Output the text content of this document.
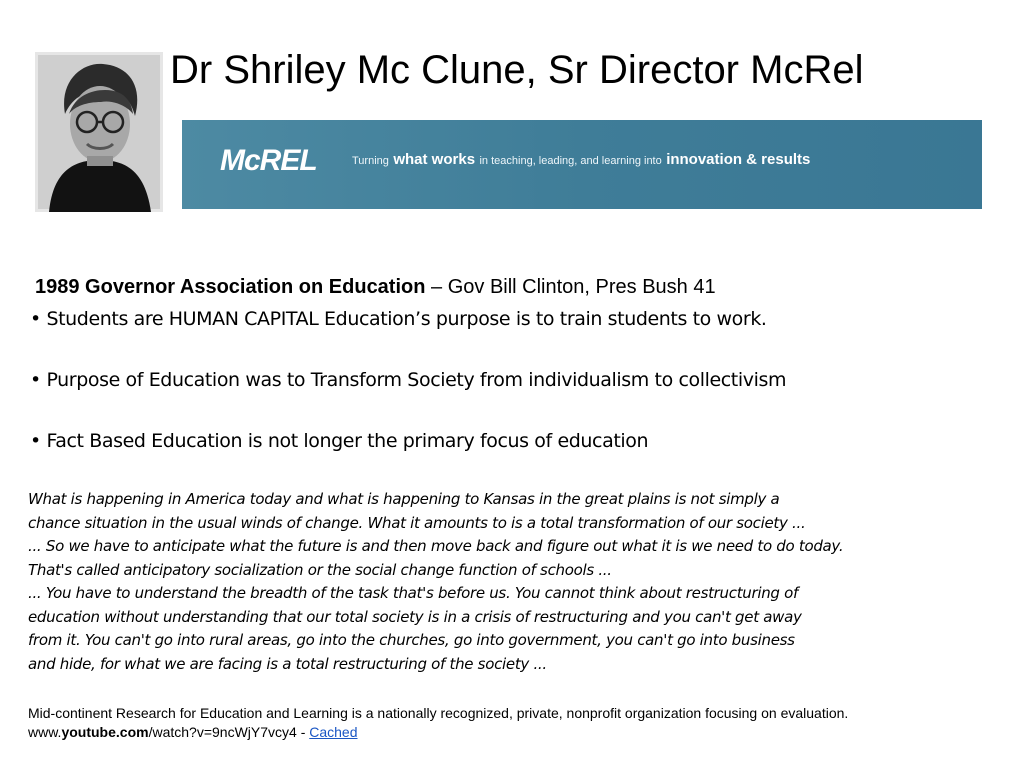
Dr Shriley Mc Clune, Sr Director McRel
McREL	Turning what works in teaching, leading, and learning into innovation & results
1989 Governor Association on Education – Gov Bill Clinton, Pres Bush 41
• Students are HUMAN CAPITAL Education’s purpose is to train students to work.
• Purpose of Education was to Transform Society from individualism to collectivism
• Fact Based Education is not longer the primary focus of education
What is happening in America today and what is happening to Kansas in the great plains is not simply a
chance situation in the usual winds of change. What it amounts to is a total transformation of our society ...
... So we have to anticipate what the future is and then move back and figure out what it is we need to do today.
That's called anticipatory socialization or the social change function of schools ...
... You have to understand the breadth of the task that's before us. You cannot think about restructuring of
education without understanding that our total society is in a crisis of restructuring and you can't get away
from it. You can't go into rural areas, go into the churches, go into government, you can't go into business
and hide, for what we are facing is a total restructuring of the society ...
Mid-continent Research for Education and Learning is a nationally recognized, private, nonprofit organization focusing on evaluation.
www.youtube.com/watch?v=9ncWjY7vcy4 - Cached
